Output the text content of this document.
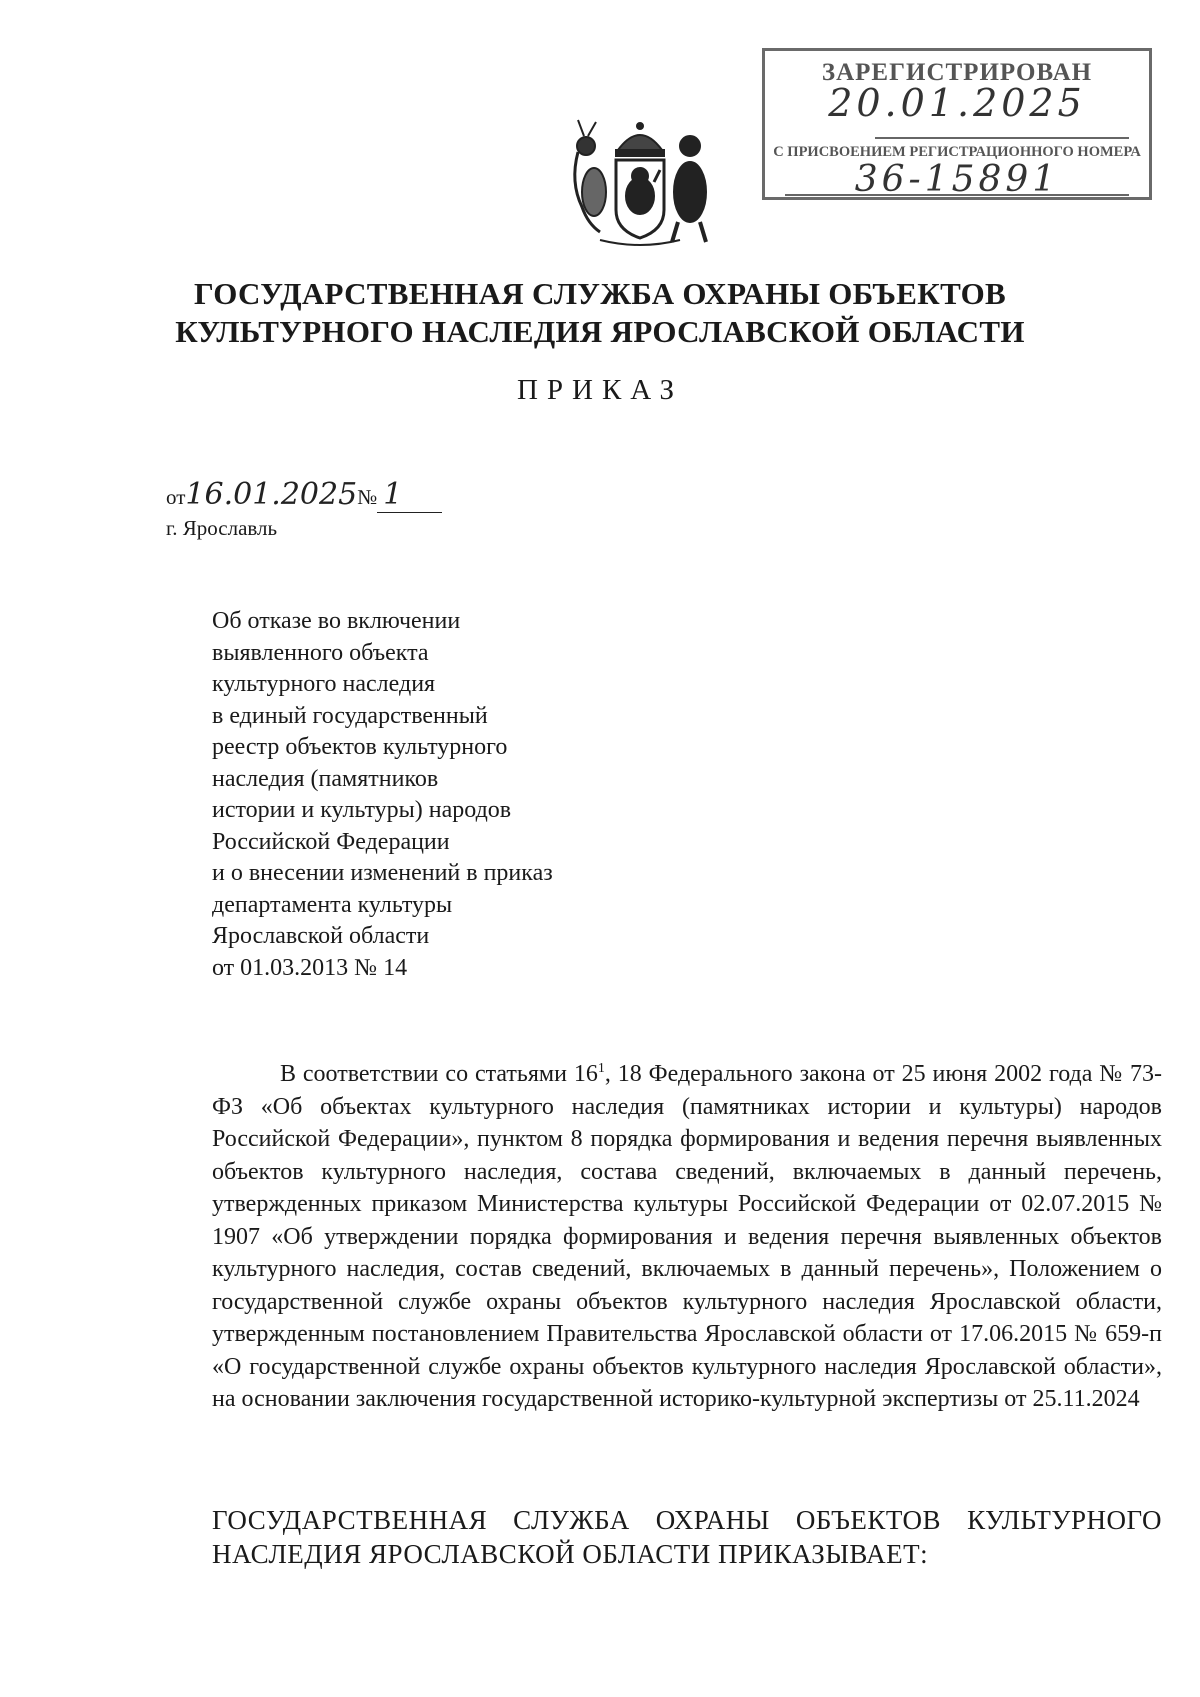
ЗАРЕГИСТРИРОВАН
20.01.2025
С ПРИСВОЕНИЕМ РЕГИСТРАЦИОННОГО НОМЕРА
36-15891
ГОСУДАРСТВЕННАЯ СЛУЖБА ОХРАНЫ ОБЪЕКТОВ
КУЛЬТУРНОГО НАСЛЕДИЯ ЯРОСЛАВСКОЙ ОБЛАСТИ
ПРИКАЗ
от16.01.2025№ 1
г. Ярославль
Об отказе во включении
выявленного объекта
культурного наследия
в единый государственный
реестр объектов культурного
наследия (памятников
истории и культуры) народов
Российской Федерации
и о внесении изменений в приказ
департамента культуры
Ярославской области
от 01.03.2013 № 14
В соответствии со статьями $16^1$, 18 Федерального закона от 25 июня 2002 года № 73-ФЗ «Об объектах культурного наследия (памятниках истории и культуры) народов Российской Федерации», пунктом 8 порядка формирования и ведения перечня выявленных объектов культурного наследия, состава сведений, включаемых в данный перечень, утвержденных приказом Министерства культуры Российской Федерации от 02.07.2015 № 1907 «Об утверждении порядка формирования и ведения перечня выявленных объектов культурного наследия, состав сведений, включаемых в данный перечень», Положением о государственной службе охраны объектов культурного наследия Ярославской области, утвержденным постановлением Правительства Ярославской области от 17.06.2015 № 659-п «О государственной службе охраны объектов культурного наследия Ярославской области», на основании заключения государственной историко-культурной экспертизы от 25.11.2024
ГОСУДАРСТВЕННАЯ СЛУЖБА ОХРАНЫ ОБЪЕКТОВ КУЛЬТУРНОГО НАСЛЕДИЯ ЯРОСЛАВСКОЙ ОБЛАСТИ ПРИКАЗЫВАЕТ:
